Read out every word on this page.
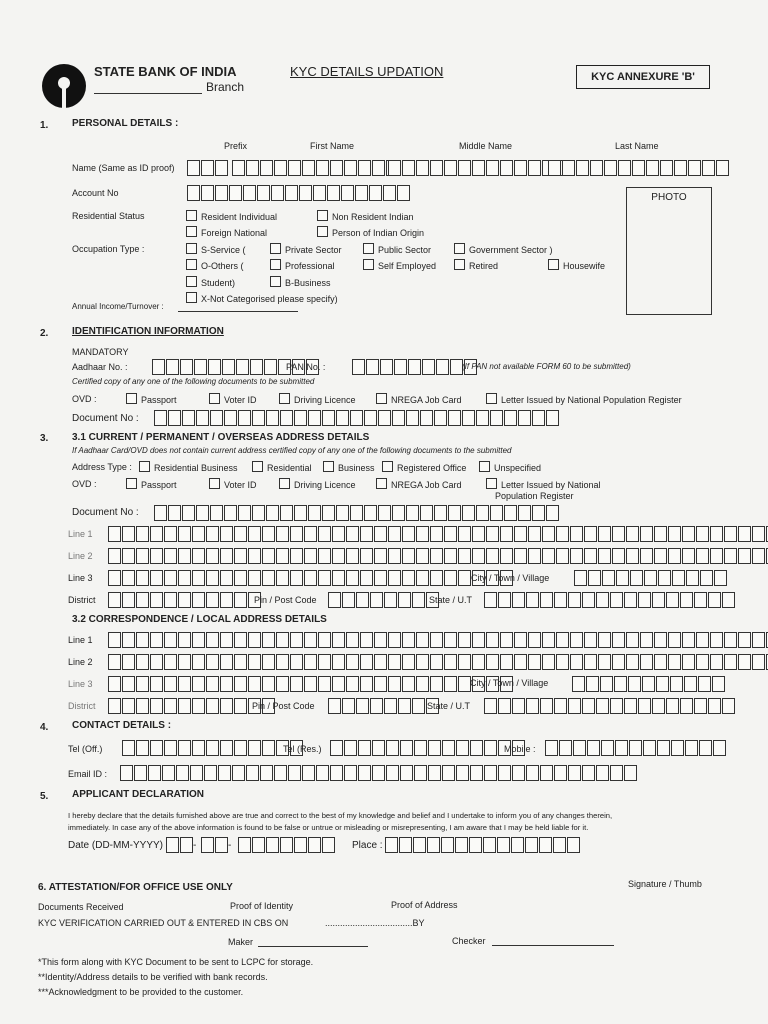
STATE BANK OF INDIA
Branch
KYC DETAILS UPDATION	KYC ANNEXURE 'B'
1. PERSONAL DETAILS :
Prefix	First Name	Middle Name	Last Name
Name (Same as ID proof)
Account No	PHOTO
Residential Status	Resident Individual	Non Resident Indian
Foreign National	Person of Indian Origin
Occupation Type :	S-Service (	Private Sector	Public Sector	Government Sector )
O-Others (	Professional	Self Employed	Retired	Housewife
Student)	B-Business
X-Not Categorised please specify)
Annual Income/Turnover :
2. IDENTIFICATION INFORMATION
MANDATORY
Aadhaar No. :	PAN No. :	(If PAN not available FORM 60 to be submitted)
Certified copy of any one of the following documents to be submitted
OVD :	Passport	Voter ID	Driving Licence	NREGA Job Card	Letter Issued by National Population Register
Document No :
3. 3.1 CURRENT / PERMANENT / OVERSEAS ADDRESS DETAILS
If Aadhaar Card/OVD does not contain current address certified copy of any one of the following documents to the submitted
Address Type :	Residential Business	Residential	Business	Registered Office	Unspecified
OVD :	Passport	Voter ID	Driving Licence	NREGA Job Card	Letter Issued by National
Population Register
Document No :
Line 1
Line 2
Line 3	City / Town / Village
District	Pin / Post Code	State / U.T
3.2 CORRESPONDENCE / LOCAL ADDRESS DETAILS
Line 1
Line 2
Line 3	City / Town / Village
District	Pin / Post Code	State / U.T
4. CONTACT DETAILS :
Tel (Off.)	Tel (Res.)	Mobile :
Email ID :
5. APPLICANT DECLARATION
I hereby declare that the details furnished above are true and correct to the best of my knowledge and belief and I undertake to inform you of any changes therein,
immediately. In case any of the above information is found to be false or untrue or misleading or misrepresenting, I am aware that I may be held liable for it.
Date (DD-MM-YYYY)	-	-	Place :
Signature / Thumb
6. ATTESTATION/FOR OFFICE USE ONLY
Documents Received	Proof of Identity	Proof of Address
KYC VERIFICATION CARRIED OUT & ENTERED IN CBS ON	...................................BY
Maker	Checker
*This form along with KYC Document to be sent to LCPC for storage.
**Identity/Address details to be verified with bank records.
***Acknowledgment to be provided to the customer.
